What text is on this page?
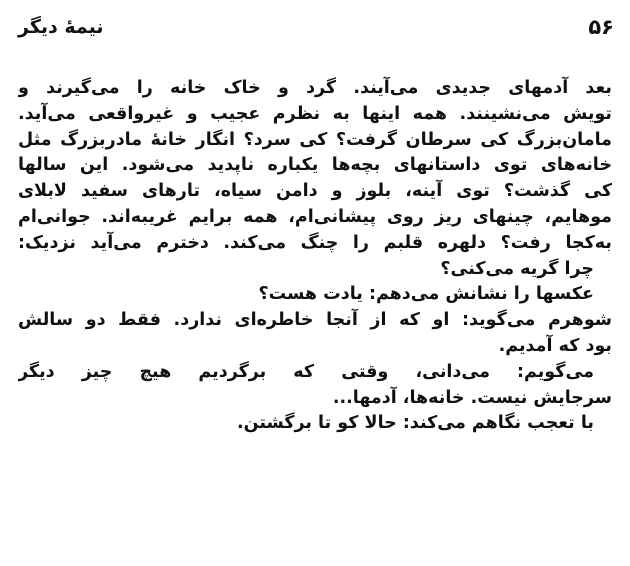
نیمهٔ دیگر	۵۶
بعد آدمهای جدیدی می‌آیند. گرد و خاک خانه را می‌گیرند و
تویش می‌نشینند. همه اینها به نظرم عجیب و غیرواقعی می‌آید.
مامان‌بزرگ کی سرطان گرفت؟ کی سرد؟ انگار خانهٔ مادربزرگ مثل
خانه‌های توی داستانهای بچه‌ها یکباره ناپدید می‌شود. این سالها
کی گذشت؟ توی آینه، بلوز و دامن سیاه، تارهای سفید لابلای
موهایم، چینهای ریز روی پیشانی‌ام، همه برایم غریبه‌اند. جوانی‌ام
به‌کجا رفت؟ دلهره قلبم را چنگ می‌کند. دخترم می‌آید نزدیک:
چرا گریه می‌کنی؟
عکسها را نشانش می‌دهم: یادت هست؟
شوهرم می‌گوید: او که از آنجا خاطره‌ای ندارد. فقط دو سالش
بود که آمدیم.
می‌گویم: می‌دانی، وقتی که برگردیم هیچ چیز دیگر
سرجایش نیست. خانه‌ها، آدمها...
با تعجب نگاهم می‌کند: حالا کو تا برگشتن.
